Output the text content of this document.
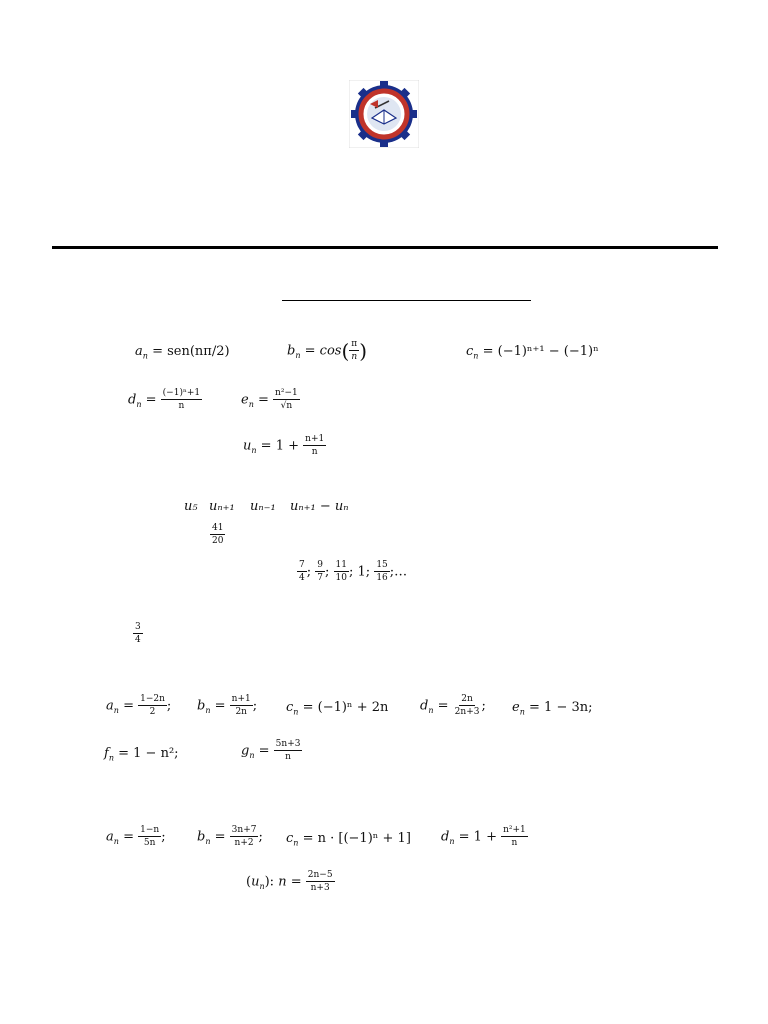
$a_n = sen(n\pi/2)$	$b_n = \cos( \frac{\pi}{n}$ )	$c_n = (-1)^{n+1} - (-1)^n$
$d_n = \frac{\text{(−1)ⁿ+1}}{n}$	$e_n = \frac{\text{n²−1}}{√n}$
$u_n = 1 + \frac{n+1}{n}$
u₅ uₙ₊₁ uₙ₋₁ uₙ₊₁ − uₙ
$\frac{41}{20}$
$\frac{7}{4}$ ; $\frac{9}{7}$ ; $\frac{11}{10}$ ; 1; $\frac{15}{16}$ ;…
$\frac{3}{4}$
$a_n = \frac{1-2n}{2}$ ; $b_n = \frac{n+1}{2n}$ ; $c_n = (-1)^n + 2n$ $d_n = \frac{2n}{2n+3}$ ; $e_n = 1 - 3n$;
$f_n = 1 - n^2$;	$g_n = \frac{5n+3}{n}$
$a_n = \frac{1-n}{5n}$ ; $b_n = \frac{3n+7}{n+2}$ ; $c_n = n \cdot [(-1)^n + 1] d_n = 1 + \frac{\text{n²+1}}{n}$
$(u_n)$: $n = \frac{2n-5}{n+3}$
